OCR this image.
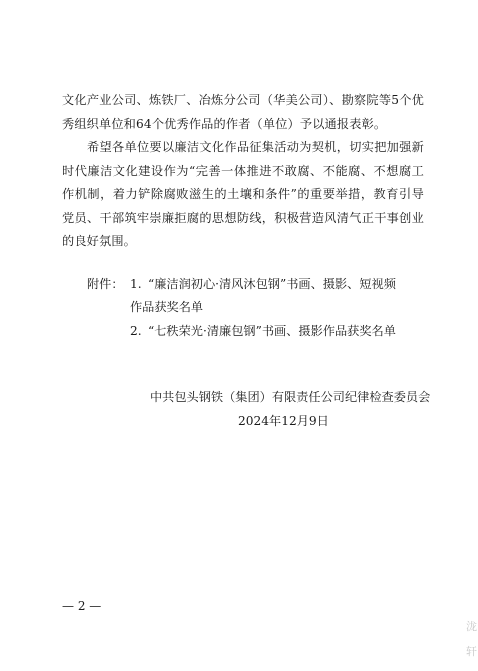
文化产业公司、炼铁厂、冶炼分公司（华美公司）、勘察院等5个优秀组织单位和64个优秀作品的作者（单位）予以通报表彰。
希望各单位要以廉洁文化作品征集活动为契机，切实把加强新时代廉洁文化建设作为“完善一体推进不敢腐、不能腐、不想腐工作机制，着力铲除腐败滋生的土壤和条件”的重要举措，教育引导党员、干部筑牢崇廉拒腐的思想防线，积极营造风清气正干事创业的良好氛围。
附件： 1. “廉洁润初心·清风沐包钢”书画、摄影、短视频
作品获奖名单
2. “七秩荣光·清廉包钢”书画、摄影作品获奖名单
中共包头钢铁（集团）有限责任公司纪律检查委员会
2024年12月9日
— 2 —
泷
轩
